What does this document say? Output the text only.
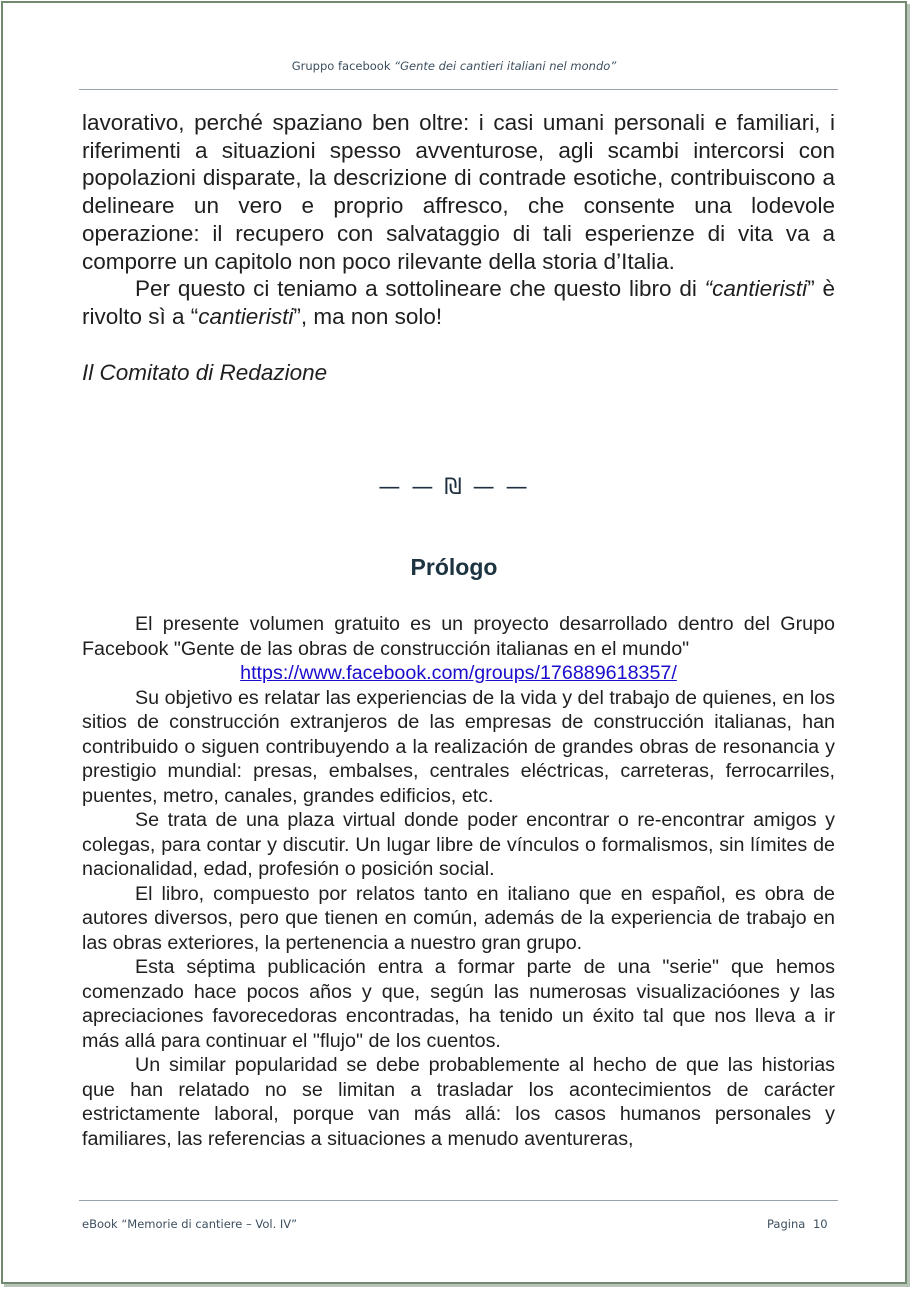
Gruppo facebook “Gente dei cantieri italiani nel mondo”

lavorativo, perché spaziano ben oltre: i casi umani personali e familiari, i riferimenti a situazioni spesso avventurose, agli scambi intercorsi con popolazioni disparate, la descrizione di contrade esotiche, contribuiscono a delineare un vero e proprio affresco, che consente una lodevole operazione: il recupero con salvataggio di tali esperienze di vita va a comporre un capitolo non poco rilevante della storia d’Italia.

Per questo ci teniamo a sottolineare che questo libro di “cantieristi” è rivolto sì a “cantieristi”, ma non solo!

Il Comitato di Redazione

— — ₪ — —
Prólogo

El presente volumen gratuito es un proyecto desarrollado dentro del Grupo Facebook "Gente de las obras de construcción italianas en el mundo"

https://www.facebook.com/groups/176889618357/

Su objetivo es relatar las experiencias de la vida y del trabajo de quienes, en los sitios de construcción extranjeros de las empresas de construcción italianas, han contribuido o siguen contribuyendo a la realización de grandes obras de resonancia y prestigio mundial: presas, embalses, centrales eléctricas, carreteras, ferrocarriles, puentes, metro, canales, grandes edificios, etc.

Se trata de una plaza virtual donde poder encontrar o re-encontrar amigos y colegas, para contar y discutir. Un lugar libre de vínculos o formalismos, sin límites de nacionalidad, edad, profesión o posición social.

El libro, compuesto por relatos tanto en italiano que en español, es obra de autores diversos, pero que tienen en común, además de la experiencia de trabajo en las obras exteriores, la pertenencia a nuestro gran grupo.

Esta séptima publicación entra a formar parte de una "serie" que hemos comenzado hace pocos años y que, según las numerosas visualizacióones y las apreciaciones favorecedoras encontradas, ha tenido un éxito tal que nos lleva a ir más allá para continuar el "flujo" de los cuentos.

Un similar popularidad se debe probablemente al hecho de que las historias que han relatado no se limitan a trasladar los acontecimientos de carácter estrictamente laboral, porque van más allá: los casos humanos personales y familiares, las referencias a situaciones a menudo aventureras,

eBook “Memorie di cantiere – Vol. IV”	Pagina 10
